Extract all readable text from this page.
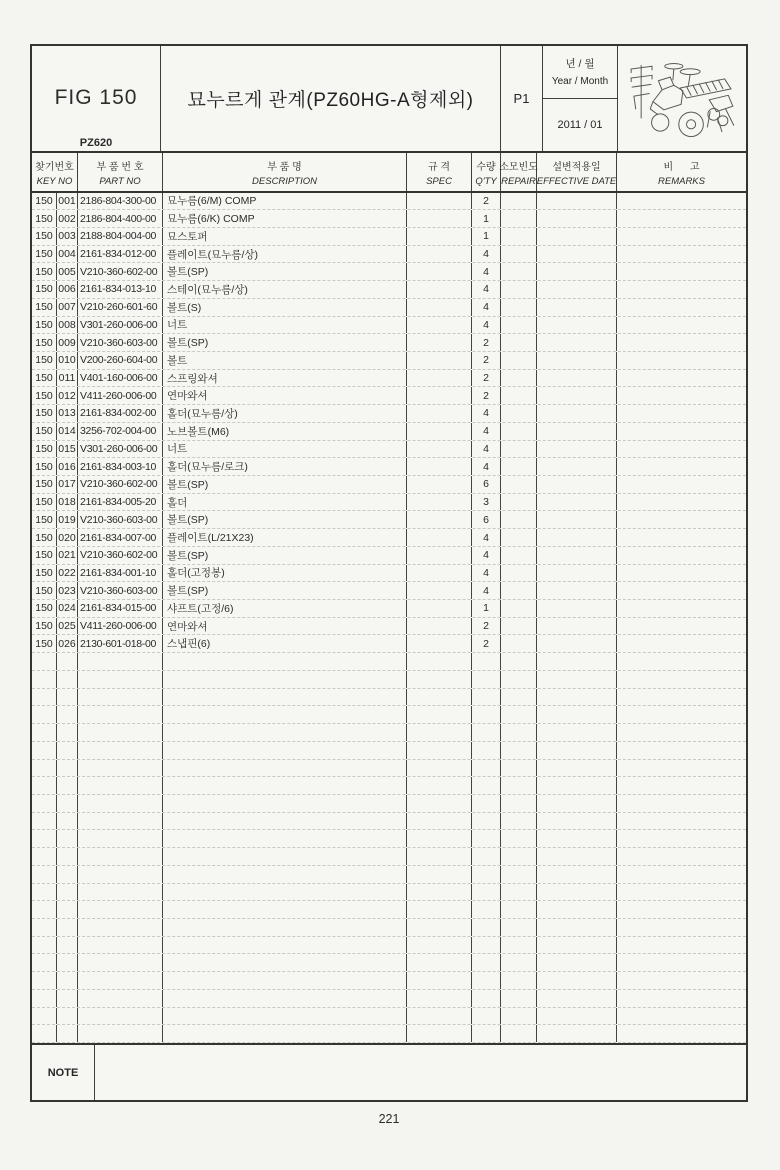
FIG 150
PZ620
묘누르게 관계(PZ60HG-A형제외)	P1
년 / 월
Year / Month
2011 / 01
찾기번호
KEY NO
부 품 번 호
PART NO
부 품 명
DESCRIPTION
규 격
SPEC
수량
Q'TY
소모빈도
REPAIR
설변적용일
EFFECTIVE DATE
비      고
REMARKS
150 001 2186-804-300-00	묘누름(6/M) COMP	2
150 002 2186-804-400-00	묘누름(6/K) COMP	1
150 003 2188-804-004-00	묘스토퍼	1
150 004 2161-834-012-00	플레이트(묘누름/상)	4
150 005 V210-360-602-00 볼트(SP)	4
150 006 2161-834-013-10	스테이(묘누름/상)	4
150 007 V210-260-601-60 볼트(S)	4
150 008 V301-260-006-00 너트	4
150 009 V210-360-603-00 볼트(SP)	2
150 010 V200-260-604-00 볼트	2
150 011 V401-160-006-00 스프링와셔	2
150 012 V411-260-006-00	연마와셔	2
150 013 2161-834-002-00	홀더(묘누름/상)	4
150 014 3256-702-004-00	노브볼트(M6)	4
150 015 V301-260-006-00 너트	4
150 016 2161-834-003-10	홀더(묘누름/로크)	4
150 017 V210-360-602-00 볼트(SP)	6
150 018 2161-834-005-20	홀더	3
150 019 V210-360-603-00 볼트(SP)	6
150 020 2161-834-007-00	플레이트(L/21X23)	4
150 021 V210-360-602-00 볼트(SP)	4
150 022 2161-834-001-10	홀더(고정봉)	4
150 023 V210-360-603-00 볼트(SP)	4
150 024 2161-834-015-00	샤프트(고정/6)	1
150 025 V411-260-006-00	연마와셔	2
150 026 2130-601-018-00	스냅핀(6)	2
NOTE
221
